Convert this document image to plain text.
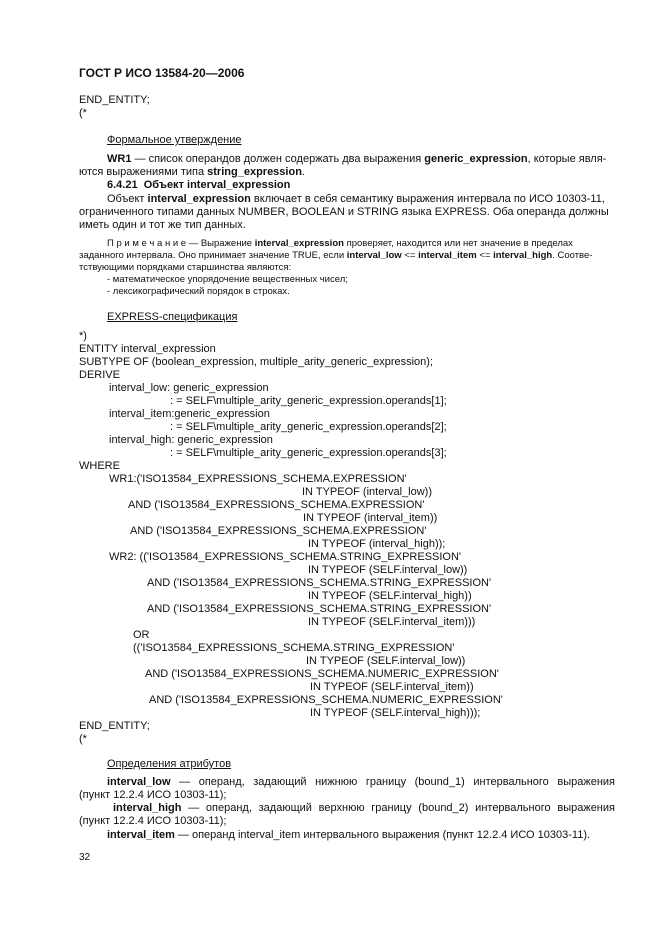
ГОСТ Р ИСО 13584-20—2006
END_ENTITY;
(*
Формальное утверждение
WR1 — список операндов должен содержать два выражения generic_expression, которые явля-
ются выражениями типа string_expression.
6.4.21 Объект interval_expression
Объект interval_expression включает в себя семантику выражения интервала по ИСО 10303-11,
ограниченного типами данных NUMBER, BOOLEAN и STRING языка EXPRESS. Оба операнда должны
иметь один и тот же тип данных.
П р и м е ч а н и е — Выражение interval_expression проверяет, находится или нет значение в пределах
заданного интервала. Оно принимает значение TRUE, если interval_low <= interval_item <= interval_high. Соотве-
тствующими порядками старшинства являются:
- математическое упорядочение вещественных чисел;
- лексикографический порядок в строках.
EXPRESS-спецификация
*)
ENTITY interval_expression
SUBTYPE OF (boolean_expression, multiple_arity_generic_expression);
DERIVE
interval_low: generic_expression
: = SELF\multiple_arity_generic_expression.operands[1];
interval_item:generic_expression
: = SELF\multiple_arity_generic_expression.operands[2];
interval_high: generic_expression
: = SELF\multiple_arity_generic_expression.operands[3];
WHERE
WR1:('ISO13584_EXPRESSIONS_SCHEMA.EXPRESSION'
IN TYPEOF (interval_low))
AND ('ISO13584_EXPRESSIONS_SCHEMA.EXPRESSION'
IN TYPEOF (interval_item))
AND ('ISO13584_EXPRESSIONS_SCHEMA.EXPRESSION'
IN TYPEOF (interval_high));
WR2: (('ISO13584_EXPRESSIONS_SCHEMA.STRING_EXPRESSION'
IN TYPEOF (SELF.interval_low))
AND ('ISO13584_EXPRESSIONS_SCHEMA.STRING_EXPRESSION'
IN TYPEOF (SELF.interval_high))
AND ('ISO13584_EXPRESSIONS_SCHEMA.STRING_EXPRESSION'
IN TYPEOF (SELF.interval_item)))
OR
(('ISO13584_EXPRESSIONS_SCHEMA.STRING_EXPRESSION'
IN TYPEOF (SELF.interval_low))
AND ('ISO13584_EXPRESSIONS_SCHEMA.NUMERIC_EXPRESSION'
IN TYPEOF (SELF.interval_item))
AND ('ISO13584_EXPRESSIONS_SCHEMA.NUMERIC_EXPRESSION'
IN TYPEOF (SELF.interval_high)));
END_ENTITY;
(*
Определения атрибутов
interval_low — операнд, задающий нижнюю границу (bound_1) интервального выражения
(пункт 12.2.4 ИСО 10303-11);
interval_high — операнд, задающий верхнюю границу (bound_2) интервального выражения
(пункт 12.2.4 ИСО 10303-11);
interval_item — операнд interval_item интервального выражения (пункт 12.2.4 ИСО 10303-11).
32
